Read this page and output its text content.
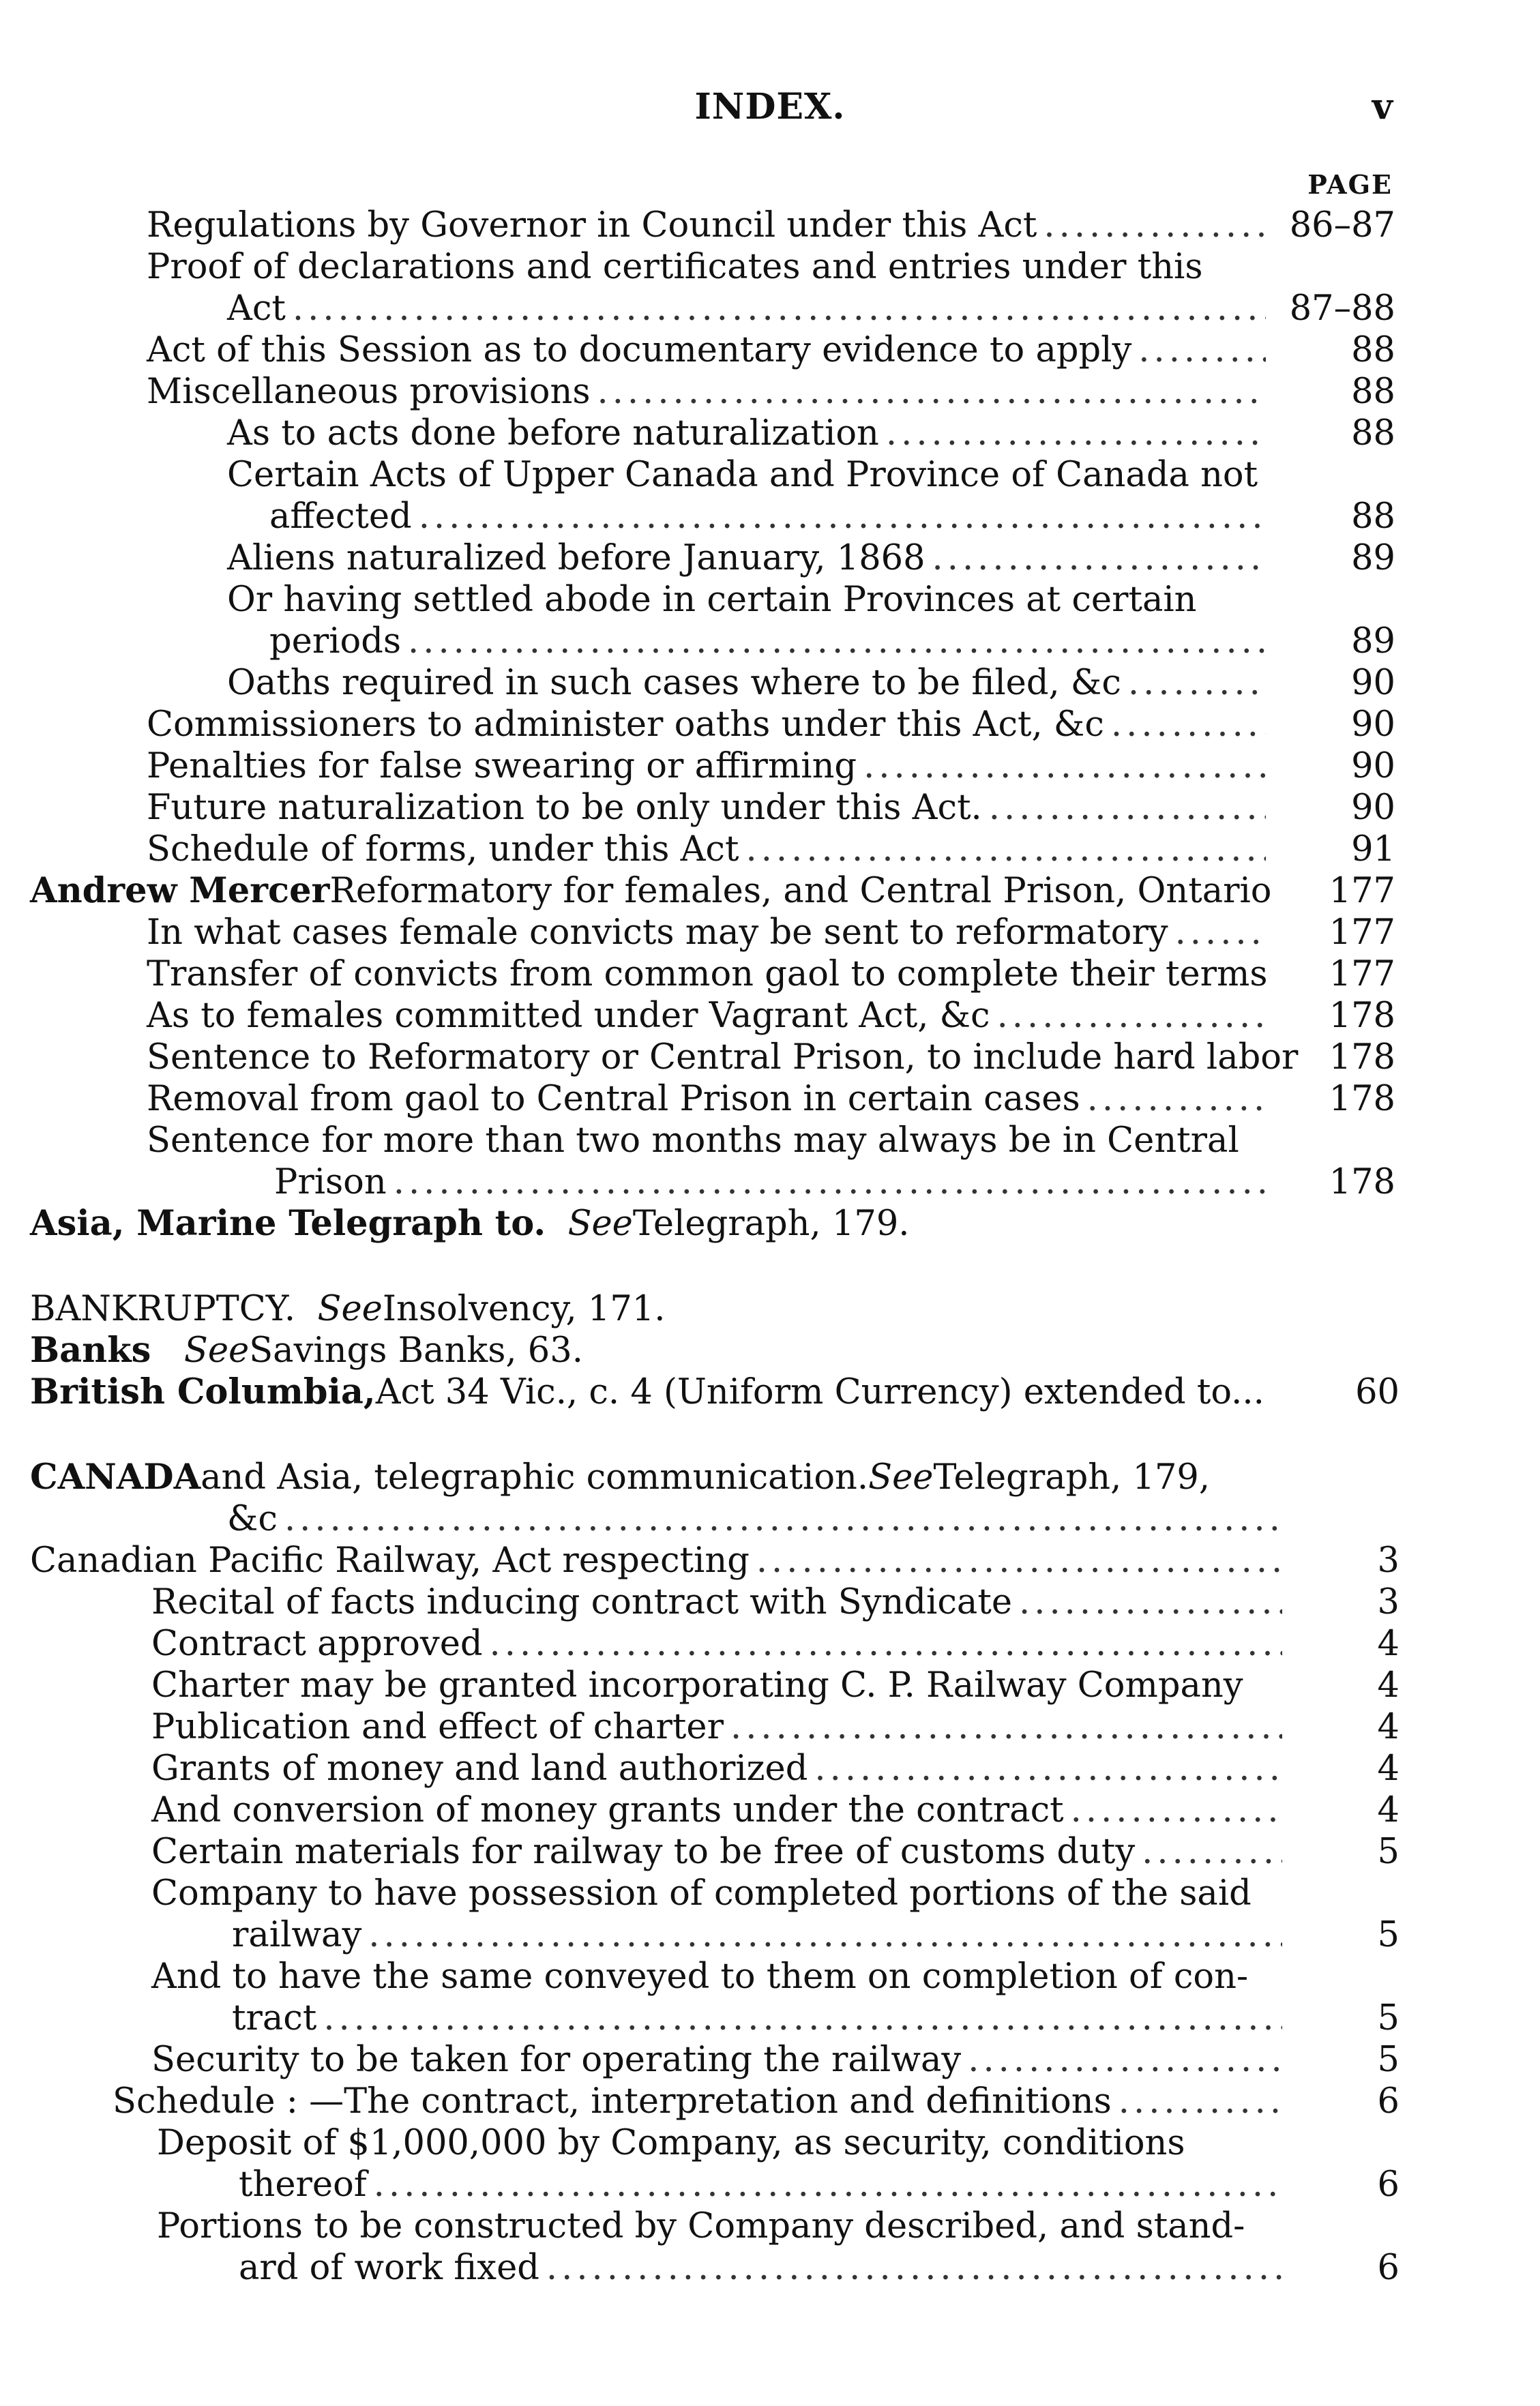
INDEX.	v
PAGE
Regulations by Governor in Council under this Act .....	86–87
Proof of declarations and certificates and entries under this
Act .....	87–88
Act of this Session as to documentary evidence to apply .....	88
Miscellaneous provisions .....	88
As to acts done before naturalization .....	88
Certain Acts of Upper Canada and Province of Canada not
affected .....	88
Aliens naturalized before January, 1868 .....	89
Or having settled abode in certain Provinces at certain
periods .....	89
Oaths required in such cases where to be filed, &c .....	90
Commissioners to administer oaths under this Act, &c .....	90
Penalties for false swearing or affirming .....	90
Future naturalization to be only under this Act. .....	90
Schedule of forms, under this Act .....	91
Andrew Mercer Reformatory for females, and Central Prison, Ontario 177
In what cases female convicts may be sent to reformatory .....	177
Transfer of convicts from common gaol to complete their terms 177
As to females committed under Vagrant Act, &c .....	178
Sentence to Reformatory or Central Prison, to include hard labor 178
Removal from gaol to Central Prison in certain cases .....	178
Sentence for more than two months may always be in Central
Prison .....	178
Asia, Marine Telegraph to.
See Telegraph, 179.
BANKRUPTCY.
See Insolvency, 171.
Banks
See Savings Banks, 63.
British Columbia, Act 34 Vic., c. 4 (Uniform Currency) extended to...	60
CANADA and Asia, telegraphic communication. See Telegraph, 179,
&c
.....
Canadian Pacific Railway, Act respecting .....	3
Recital of facts inducing contract with Syndicate .....	3
Contract approved .....	4
Charter may be granted incorporating C. P. Railway Company	4
Publication and effect of charter .....	4
Grants of money and land authorized .....	4
And conversion of money grants under the contract .....	4
Certain materials for railway to be free of customs duty .....	5
Company to have possession of completed portions of the said
railway .....	5
And to have the same conveyed to them on completion of con-
tract .....	5
Security to be taken for operating the railway .....	5
Schedule : —The contract, interpretation and definitions .....	6
Deposit of $1,000,000 by Company, as security, conditions
thereof .....	6
Portions to be constructed by Company described, and stand-
ard of work fixed .....	6
